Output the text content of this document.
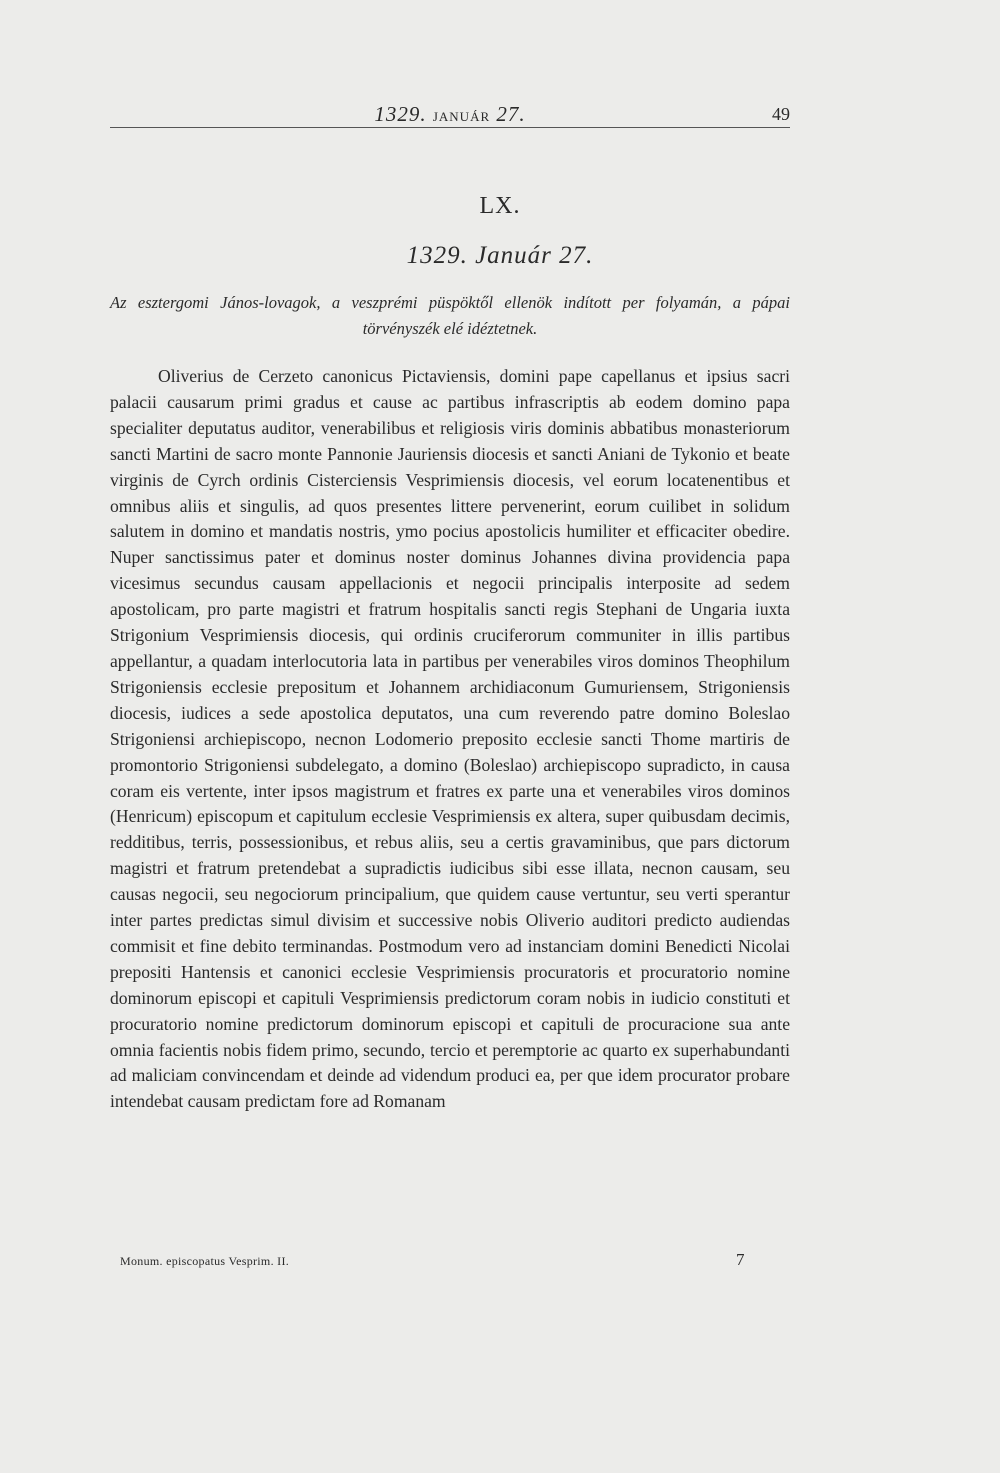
1329. JANUÁR 27.	49
LX.
1329. Január 27.
Az esztergomi János-lovagok, a veszprémi püspöktől ellenök indított per folyamán, a pápai törvényszék elé idéztetnek.

Oliverius de Cerzeto canonicus Pictaviensis, domini pape capellanus et ipsius sacri palacii causarum primi gradus et cause ac partibus infrascriptis ab eodem domino papa specialiter deputatus auditor, venerabilibus et religiosis viris dominis abbatibus monasteriorum sancti Martini de sacro monte Pannonie Jauriensis diocesis et sancti Aniani de Tykonio et beate virginis de Cyrch ordinis Cisterciensis Vesprimiensis diocesis, vel eorum locatenentibus et omnibus aliis et singulis, ad quos presentes littere pervenerint, eorum cuilibet in solidum salutem in domino et mandatis nostris, ymo pocius apostolicis humiliter et efficaciter obedire. Nuper sanctissimus pater et dominus noster dominus Johannes divina providencia papa vicesimus secundus causam appellacionis et negocii principalis interposite ad sedem apostolicam, pro parte magistri et fratrum hospitalis sancti regis Stephani de Ungaria iuxta Strigonium Vesprimiensis diocesis, qui ordinis cruciferorum communiter in illis partibus appellantur, a quadam interlocutoria lata in partibus per venerabiles viros dominos Theophilum Strigoniensis ecclesie prepositum et Johannem archidiaconum Gumuriensem, Strigoniensis diocesis, iudices a sede apostolica deputatos, una cum reverendo patre domino Boleslao Strigoniensi archiepiscopo, necnon Lodomerio preposito ecclesie sancti Thome martiris de promontorio Strigoniensi subdelegato, a domino (Boleslao) archiepiscopo supradicto, in causa coram eis vertente, inter ipsos magistrum et fratres ex parte una et venerabiles viros dominos (Henricum) episcopum et capitulum ecclesie Vesprimiensis ex altera, super quibusdam decimis, redditibus, terris, possessionibus, et rebus aliis, seu a certis gravaminibus, que pars dictorum magistri et fratrum pretendebat a supradictis iudicibus sibi esse illata, necnon causam, seu causas negocii, seu negociorum principalium, que quidem cause vertuntur, seu verti sperantur inter partes predictas simul divisim et successive nobis Oliverio auditori predicto audiendas commisit et fine debito terminandas. Postmodum vero ad instanciam domini Benedicti Nicolai prepositi Hantensis et canonici ecclesie Vesprimiensis procuratoris et procuratorio nomine dominorum episcopi et capituli Vesprimiensis predictorum coram nobis in iudicio constituti et procuratorio nomine predictorum dominorum episcopi et capituli de procuracione sua ante omnia facientis nobis fidem primo, secundo, tercio et peremptorie ac quarto ex superhabundanti ad maliciam convincendam et deinde ad videndum produci ea, per que idem procurator probare intendebat causam predictam fore ad Romanam

Monum. episcopatus Vesprim. II.	7
